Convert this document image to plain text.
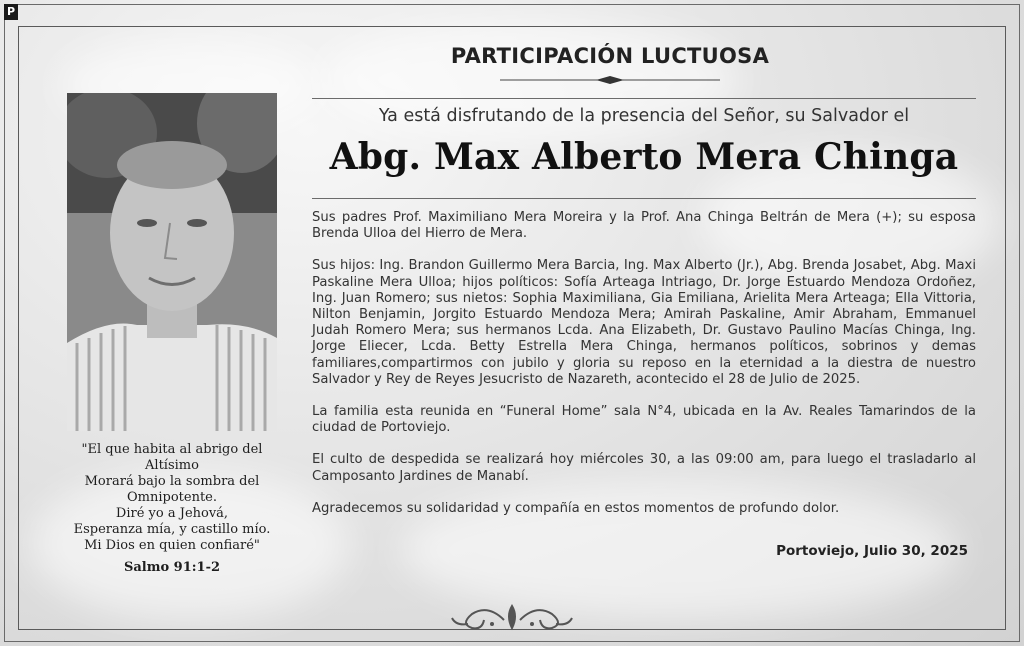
P
PARTICIPACIÓN LUCTUOSA
Ya está disfrutando de la presencia del Señor, su Salvador el
Abg. Max Alberto Mera Chinga

Sus padres Prof. Maximiliano Mera Moreira y la Prof. Ana Chinga Beltrán de Mera (+); su esposa Brenda Ulloa del Hierro de Mera.

Sus hijos: Ing. Brandon Guillermo Mera Barcia, Ing. Max Alberto (Jr.), Abg. Brenda Josabet, Abg. Maxi Paskaline Mera Ulloa; hijos políticos: Sofía Arteaga Intriago, Dr. Jorge Estuardo Mendoza Ordoñez, Ing. Juan Romero; sus nietos: Sophia Maximiliana, Gia Emiliana, Arielita Mera Arteaga; Ella Vittoria, Nilton Benjamin, Jorgito Estuardo Mendoza Mera; Amirah Paskaline, Amir Abraham, Emmanuel Judah Romero Mera; sus hermanos Lcda. Ana Elizabeth, Dr. Gustavo Paulino Macías Chinga, Ing. Jorge Eliecer, Lcda. Betty Estrella Mera Chinga, hermanos políticos, sobrinos y demas familiares,compartirmos con jubilo y gloria su reposo en la eternidad a la diestra de nuestro Salvador y Rey de Reyes Jesucristo de Nazareth, acontecido el 28 de Julio de 2025.

La familia esta reunida en “Funeral Home” sala N°4, ubicada en la Av. Reales Tamarindos de la ciudad de Portoviejo.

El culto de despedida se realizará hoy miércoles 30, a las 09:00 am, para luego el trasladarlo al Camposanto Jardines de Manabí.

Agradecemos su solidaridad y compañía en estos momentos de profundo dolor.

Portoviejo, Julio 30, 2025
"El que habita al abrigo del
Altísimo
Morará bajo la sombra del
Omnipotente.
Diré yo a Jehová,
Esperanza mía, y castillo mío.
Mi Dios en quien confiaré"
Salmo 91:1-2
